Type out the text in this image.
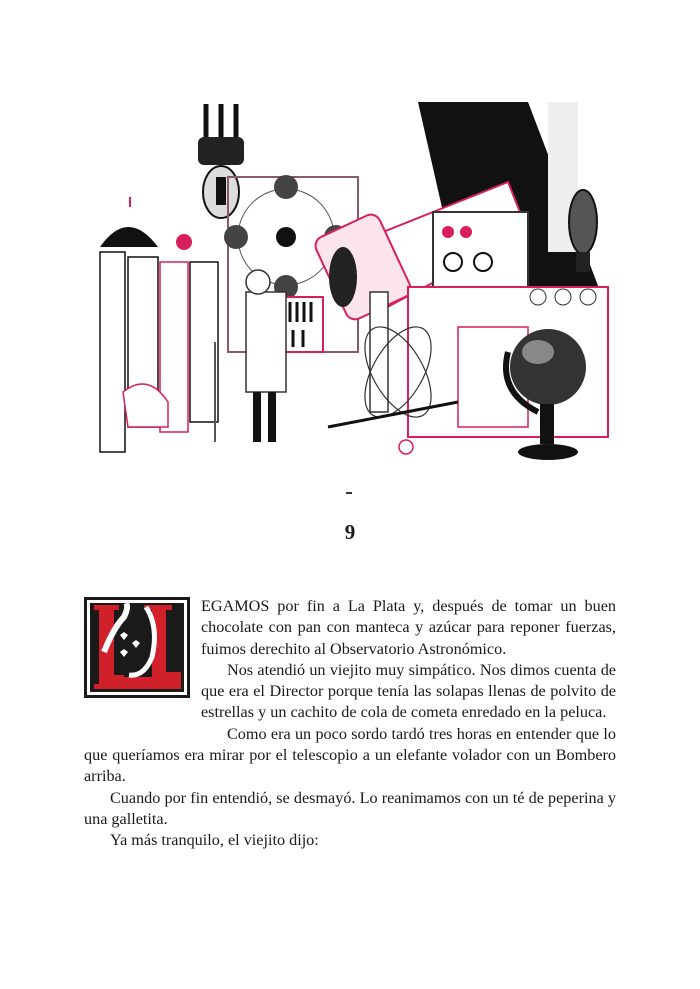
9

EGAMOS por fin a La Plata y, después de tomar un buen chocolate con pan con manteca y azúcar para reponer fuerzas, fuimos derechito al Observatorio Astronómico.

Nos atendió un viejito muy simpático. Nos dimos cuenta de que era el Director porque tenía las solapas llenas de polvito de estrellas y un cachito de cola de cometa enredado en la peluca.

Como era un poco sordo tardó tres horas en entender que lo que queríamos era mirar por el telescopio a un elefante volador con un Bombero arriba.

Cuando por fin entendió, se desmayó. Lo reanimamos con un té de peperina y una galletita.

Ya más tranquilo, el viejito dijo:
